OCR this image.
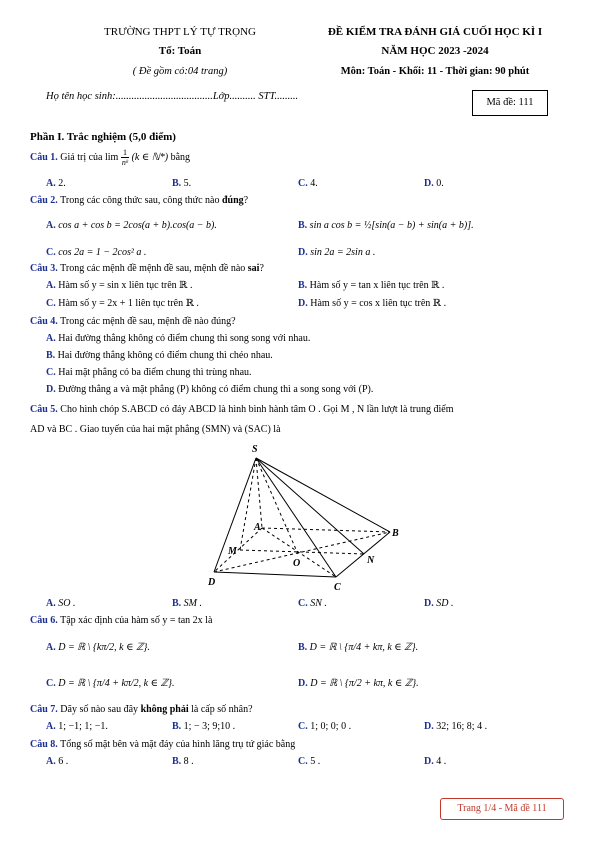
TRƯỜNG THPT LÝ TỰ TRỌNG
Tổ: Toán
( Đề gồm có:04 trang)
ĐỀ KIỂM TRA ĐÁNH GIÁ CUỐI HỌC KÌ I
NĂM HỌC 2023 -2024
Môn: Toán - Khối: 11 - Thời gian: 90 phút
Họ tên học sinh:.....................................Lớp.......... STT.........
Mã đề: 111
Phần I. Trắc nghiệm (5,0 điểm)
Câu 1. Giá trị của $\lim \frac{1}{\text{nᵏ}} (k$ ∈ ℕ*) bằng
A. 2.	B. 5.	C. 4.	D. 0.
Câu 2. Trong các công thức sau, công thức nào đúng?
A. cos a + cos b = 2cos(a + b).cos(a − b).	B. sin a cos b = ½[sin(a − b) + sin(a + b)].
C. cos 2a = 1 − 2cos² a .	D. sin 2a = 2sin a .
Câu 3. Trong các mệnh đề mệnh đề sau, mệnh đề nào sai?
A. Hàm số y = sin x liên tục trên ℝ .	B. Hàm số y = tan x liên tục trên ℝ .
C. Hàm số y = 2x + 1 liên tục trên ℝ .	D. Hàm số y = cos x liên tục trên ℝ .
Câu 4. Trong các mệnh đề sau, mệnh đề nào đúng?
A. Hai đường thẳng không có điểm chung thì song song với nhau.
B. Hai đường thẳng không có điểm chung thì chéo nhau.
C. Hai mặt phẳng có ba điểm chung thì trùng nhau.
D. Đường thẳng a và mặt phẳng (P) không có điểm chung thì a song song với (P).
Câu 5. Cho hình chóp S.ABCD có đáy ABCD là hình bình hành tâm O . Gọi M , N lần lượt là trung điểm
AD và BC . Giao tuyến của hai mặt phẳng (SMN) và (SAC) là
S
A
B
C
D
M
N
O
A. SO .	B. SM .	C. SN .	D. SD .
Câu 6. Tập xác định của hàm số y = tan 2x là
A. D = ℝ \ {kπ/2, k ∈ ℤ}.	B. D = ℝ \ {π/4 + kπ, k ∈ ℤ}.
C. D = ℝ \ {π/4 + kπ/2, k ∈ ℤ}.	D. D = ℝ \ {π/2 + kπ, k ∈ ℤ}.
Câu 7. Dãy số nào sau đây không phải là cấp số nhân?
A. 1; −1; 1; −1.	B. 1; − 3; 9;10 .	C. 1; 0; 0; 0 .	D. 32; 16; 8; 4 .
Câu 8. Tổng số mặt bên và mặt đáy của hình lăng trụ tứ giác bằng
A. 6 .	B. 8 .	C. 5 .	D. 4 .
Trang 1/4 - Mã đề 111
